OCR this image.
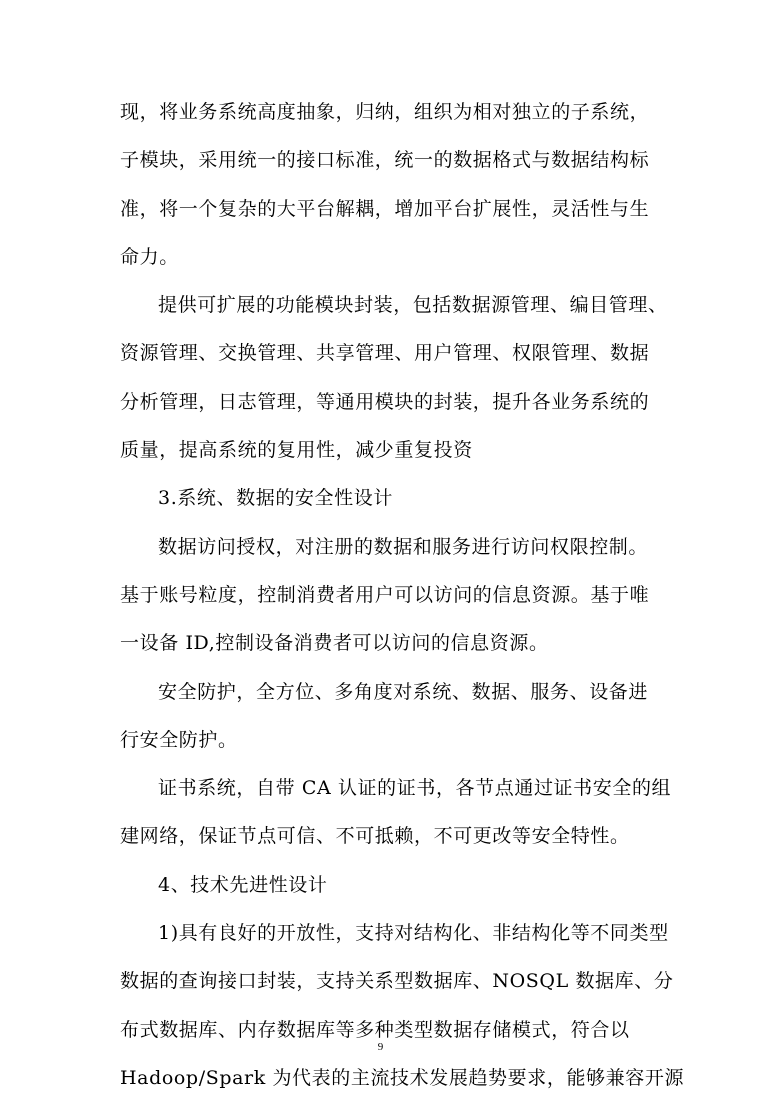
现，将业务系统高度抽象，归纳，组织为相对独立的子系统，
子模块，采用统一的接口标准，统一的数据格式与数据结构标
准，将一个复杂的大平台解耦，增加平台扩展性，灵活性与生
命力。
提供可扩展的功能模块封装，包括数据源管理、编目管理、
资源管理、交换管理、共享管理、用户管理、权限管理、数据
分析管理，日志管理，等通用模块的封装，提升各业务系统的
质量，提高系统的复用性，减少重复投资
3.系统、数据的安全性设计
数据访问授权，对注册的数据和服务进行访问权限控制。
基于账号粒度，控制消费者用户可以访问的信息资源。基于唯
一设备 ID,控制设备消费者可以访问的信息资源。
安全防护，全方位、多角度对系统、数据、服务、设备进
行安全防护。
证书系统，自带 CA 认证的证书，各节点通过证书安全的组
建网络，保证节点可信、不可抵赖，不可更改等安全特性。
4、技术先进性设计
1)具有良好的开放性，支持对结构化、非结构化等不同类型
数据的查询接口封装，支持关系型数据库、NOSQL 数据库、分
布式数据库、内存数据库等多种类型数据存储模式，符合以
Hadoop/Spark 为代表的主流技术发展趋势要求，能够兼容开源
9
